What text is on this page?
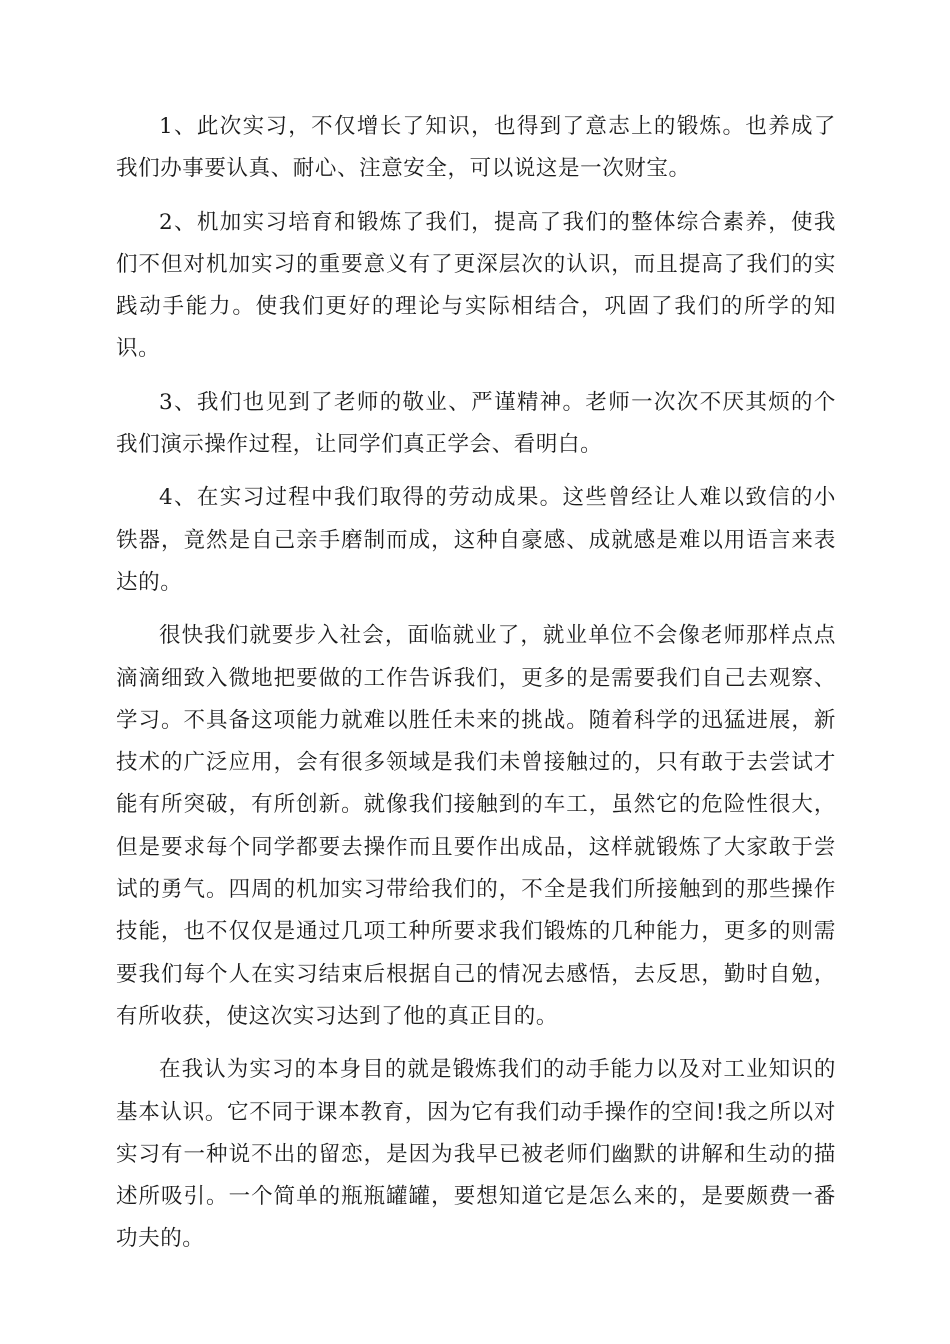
1、此次实习，不仅增长了知识，也得到了意志上的锻炼。也养成了我们办事要认真、耐心、注意安全，可以说这是一次财宝。

2、机加实习培育和锻炼了我们，提高了我们的整体综合素养，使我们不但对机加实习的重要意义有了更深层次的认识，而且提高了我们的实践动手能力。使我们更好的理论与实际相结合，巩固了我们的所学的知识。

3、我们也见到了老师的敬业、严谨精神。老师一次次不厌其烦的个我们演示操作过程，让同学们真正学会、看明白。

4、在实习过程中我们取得的劳动成果。这些曾经让人难以致信的小铁器，竟然是自己亲手磨制而成，这种自豪感、成就感是难以用语言来表达的。

很快我们就要步入社会，面临就业了，就业单位不会像老师那样点点滴滴细致入微地把要做的工作告诉我们，更多的是需要我们自己去观察、学习。不具备这项能力就难以胜任未来的挑战。随着科学的迅猛进展，新技术的广泛应用，会有很多领域是我们未曾接触过的，只有敢于去尝试才能有所突破，有所创新。就像我们接触到的车工，虽然它的危险性很大，但是要求每个同学都要去操作而且要作出成品，这样就锻炼了大家敢于尝试的勇气。四周的机加实习带给我们的，不全是我们所接触到的那些操作技能，也不仅仅是通过几项工种所要求我们锻炼的几种能力，更多的则需要我们每个人在实习结束后根据自己的情况去感悟，去反思，勤时自勉，有所收获，使这次实习达到了他的真正目的。

在我认为实习的本身目的就是锻炼我们的动手能力以及对工业知识的基本认识。它不同于课本教育，因为它有我们动手操作的空间!我之所以对实习有一种说不出的留恋，是因为我早已被老师们幽默的讲解和生动的描述所吸引。一个简单的瓶瓶罐罐，要想知道它是怎么来的，是要颇费一番功夫的。
